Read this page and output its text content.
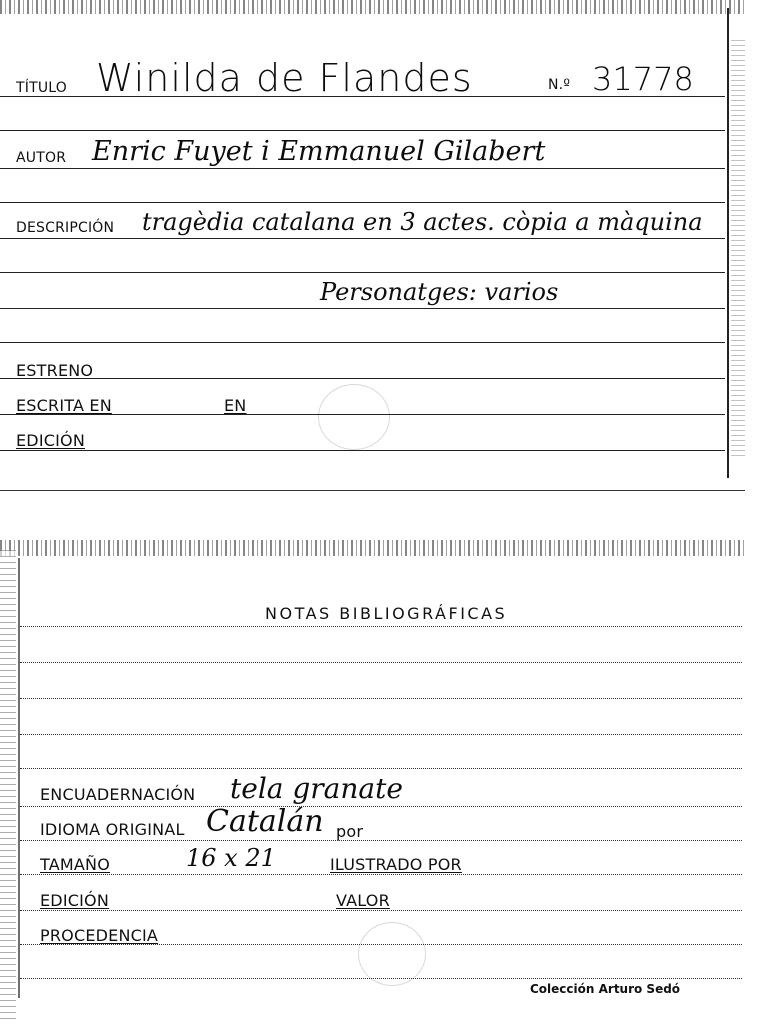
TÍTULO Winilda de Flandes	N.º 31778
AUTOR Enric Fuyet i Emmanuel Gilabert
DESCRIPCIÓN tragèdia catalana en 3 actes. còpia a màquina
Personatges: varios
ESTRENO
ESCRITA EN	EN
EDICIÓN
NOTAS BIBLIOGRÁFICAS
ENCUADERNACIÓN tela granate
IDIOMA ORIGINAL Catalán por
TAMAÑO	16 x 21	ILUSTRADO POR
EDICIÓN	VALOR
PROCEDENCIA
Colección Arturo Sedó
